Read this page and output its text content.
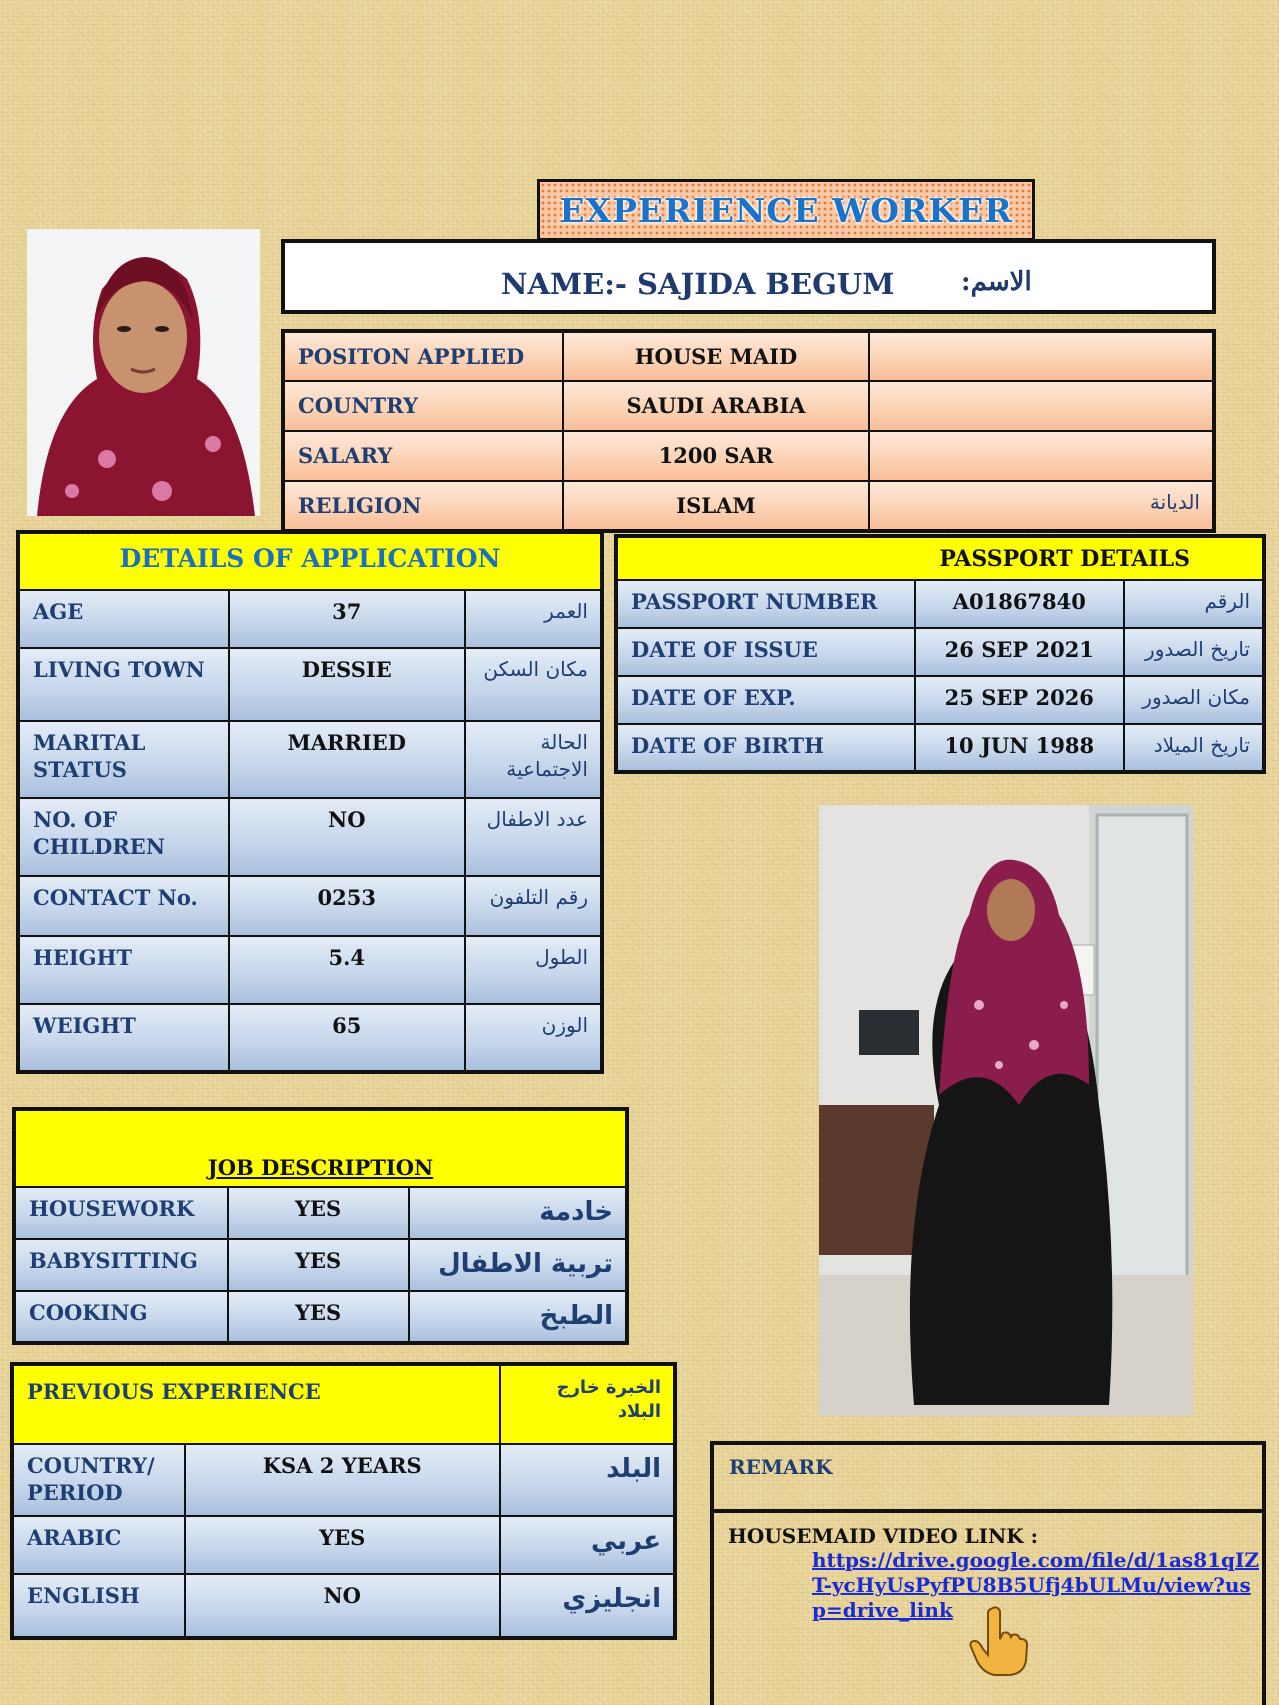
EXPERIENCE WORKER
NAME:- SAJIDA BEGUM	الاسم:
POSITON APPLIED	HOUSE MAID	
COUNTRY	SAUDI ARABIA	
SALARY	1200 SAR	
RELIGION	ISLAM	الديانة
DETAILS OF APPLICATION		
AGE	37	العمر
LIVING TOWN	DESSIE	مكان السكن
MARITAL STATUS	MARRIED	الحالة الاجتماعية
NO. OF CHILDREN	NO	عدد الاطفال
CONTACT No.	0253	رقم التلفون
HEIGHT	5.4	الطول
WEIGHT	65	الوزن
PASSPORT DETAILS		
PASSPORT NUMBER	A01867840	الرقم
DATE OF ISSUE	26 SEP 2021	تاريخ الصدور
DATE OF EXP.	25 SEP 2026	مكان الصدور
DATE OF BIRTH	10 JUN 1988	تاريخ الميلاد
JOB DESCRIPTION		
HOUSEWORK	YES	خادمة
BABYSITTING	YES	تربية الاطفال
COOKING	YES	الطبخ
PREVIOUS EXPERIENCE		الخبرة خارج البلاد
COUNTRY/ PERIOD	KSA 2 YEARS	البلد
ARABIC	YES	عربي
ENGLISH	NO	انجليزي
REMARK
HOUSEMAID VIDEO LINK :
https://drive.google.com/file/d/1as81qIZT-ycHyUsPyfPU8B5Ufj4bULMu/view?usp=drive_link
